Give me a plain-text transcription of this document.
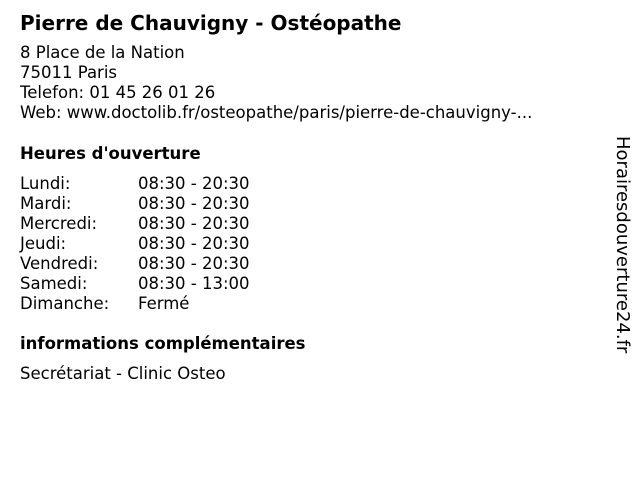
Pierre de Chauvigny - Ostéopathe
8 Place de la Nation
75011 Paris
Telefon: 01 45 26 01 26
Web: www.doctolib.fr/osteopathe/paris/pierre-de-chauvigny-...
Heures d'ouverture
Lundi:	08:30 - 20:30
Mardi:	08:30 - 20:30
Mercredi:	08:30 - 20:30
Jeudi:	08:30 - 20:30
Vendredi:	08:30 - 20:30
Samedi:	08:30 - 13:00
Dimanche:	Fermé
informations complémentaires
Secrétariat - Clinic Osteo
Horairesdouverture24.fr
